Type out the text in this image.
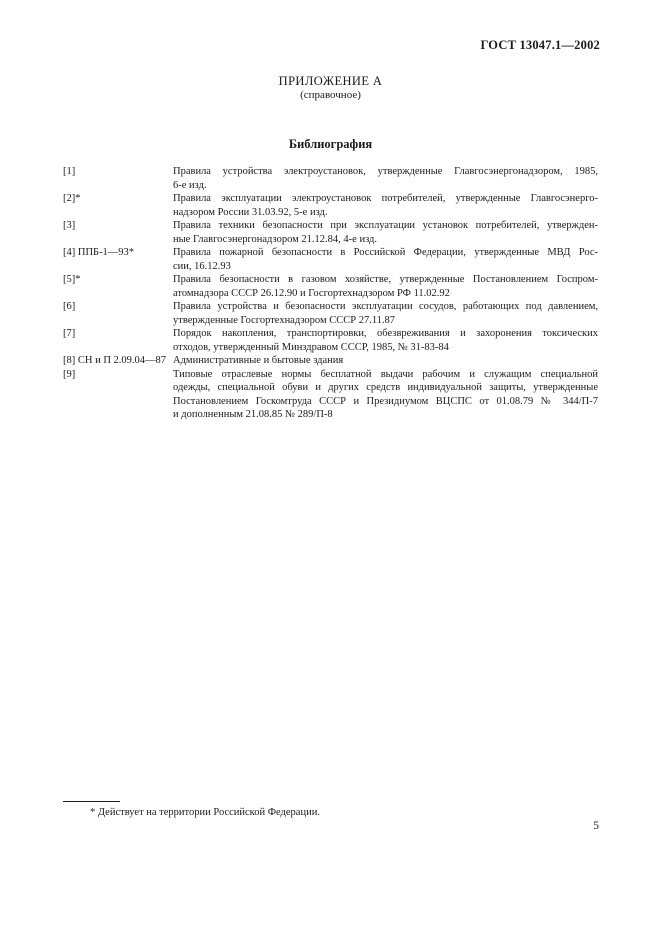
ГОСТ 13047.1—2002
ПРИЛОЖЕНИЕ А
(справочное)
Библиография
[1]	Правила устройства электроустановок, утвержденные Главгосэнергонадзором, 1985,
6-е изд.
[2]*	Правила эксплуатации электроустановок потребителей, утвержденные Главгосэнерго-
надзором России 31.03.92, 5-е изд.
[3]	Правила техники безопасности при эксплуатации установок потребителей, утвержден-
ные Главгосэнергонадзором 21.12.84, 4-е изд.
[4] ППБ-1—93*	Правила пожарной безопасности в Российской Федерации, утвержденные МВД Рос-
сии, 16.12.93
[5]*	Правила безопасности в газовом хозяйстве, утвержденные Постановлением Госпром-
атомнадзора СССР 26.12.90 и Госгортехнадзором РФ 11.02.92
[6]	Правила устройства и безопасности эксплуатации сосудов, работающих под давлением,
утвержденные Госгортехнадзором СССР 27.11.87
[7]	Порядок накопления, транспортировки, обезвреживания и захоронения токсических
отходов, утвержденный Минздравом СССР, 1985, № 31-83-84
[8] СН и П 2.09.04—87 Административные и бытовые здания
[9]	Типовые отраслевые нормы бесплатной выдачи рабочим и служащим специальной
одежды, специальной обуви и других средств индивидуальной защиты, утвержденные
Постановлением Госкомтруда СССР и Президиумом ВЦСПС от 01.08.79 № 344/П-7
и дополненным 21.08.85 № 289/П-8
* Действует на территории Российской Федерации.
5
